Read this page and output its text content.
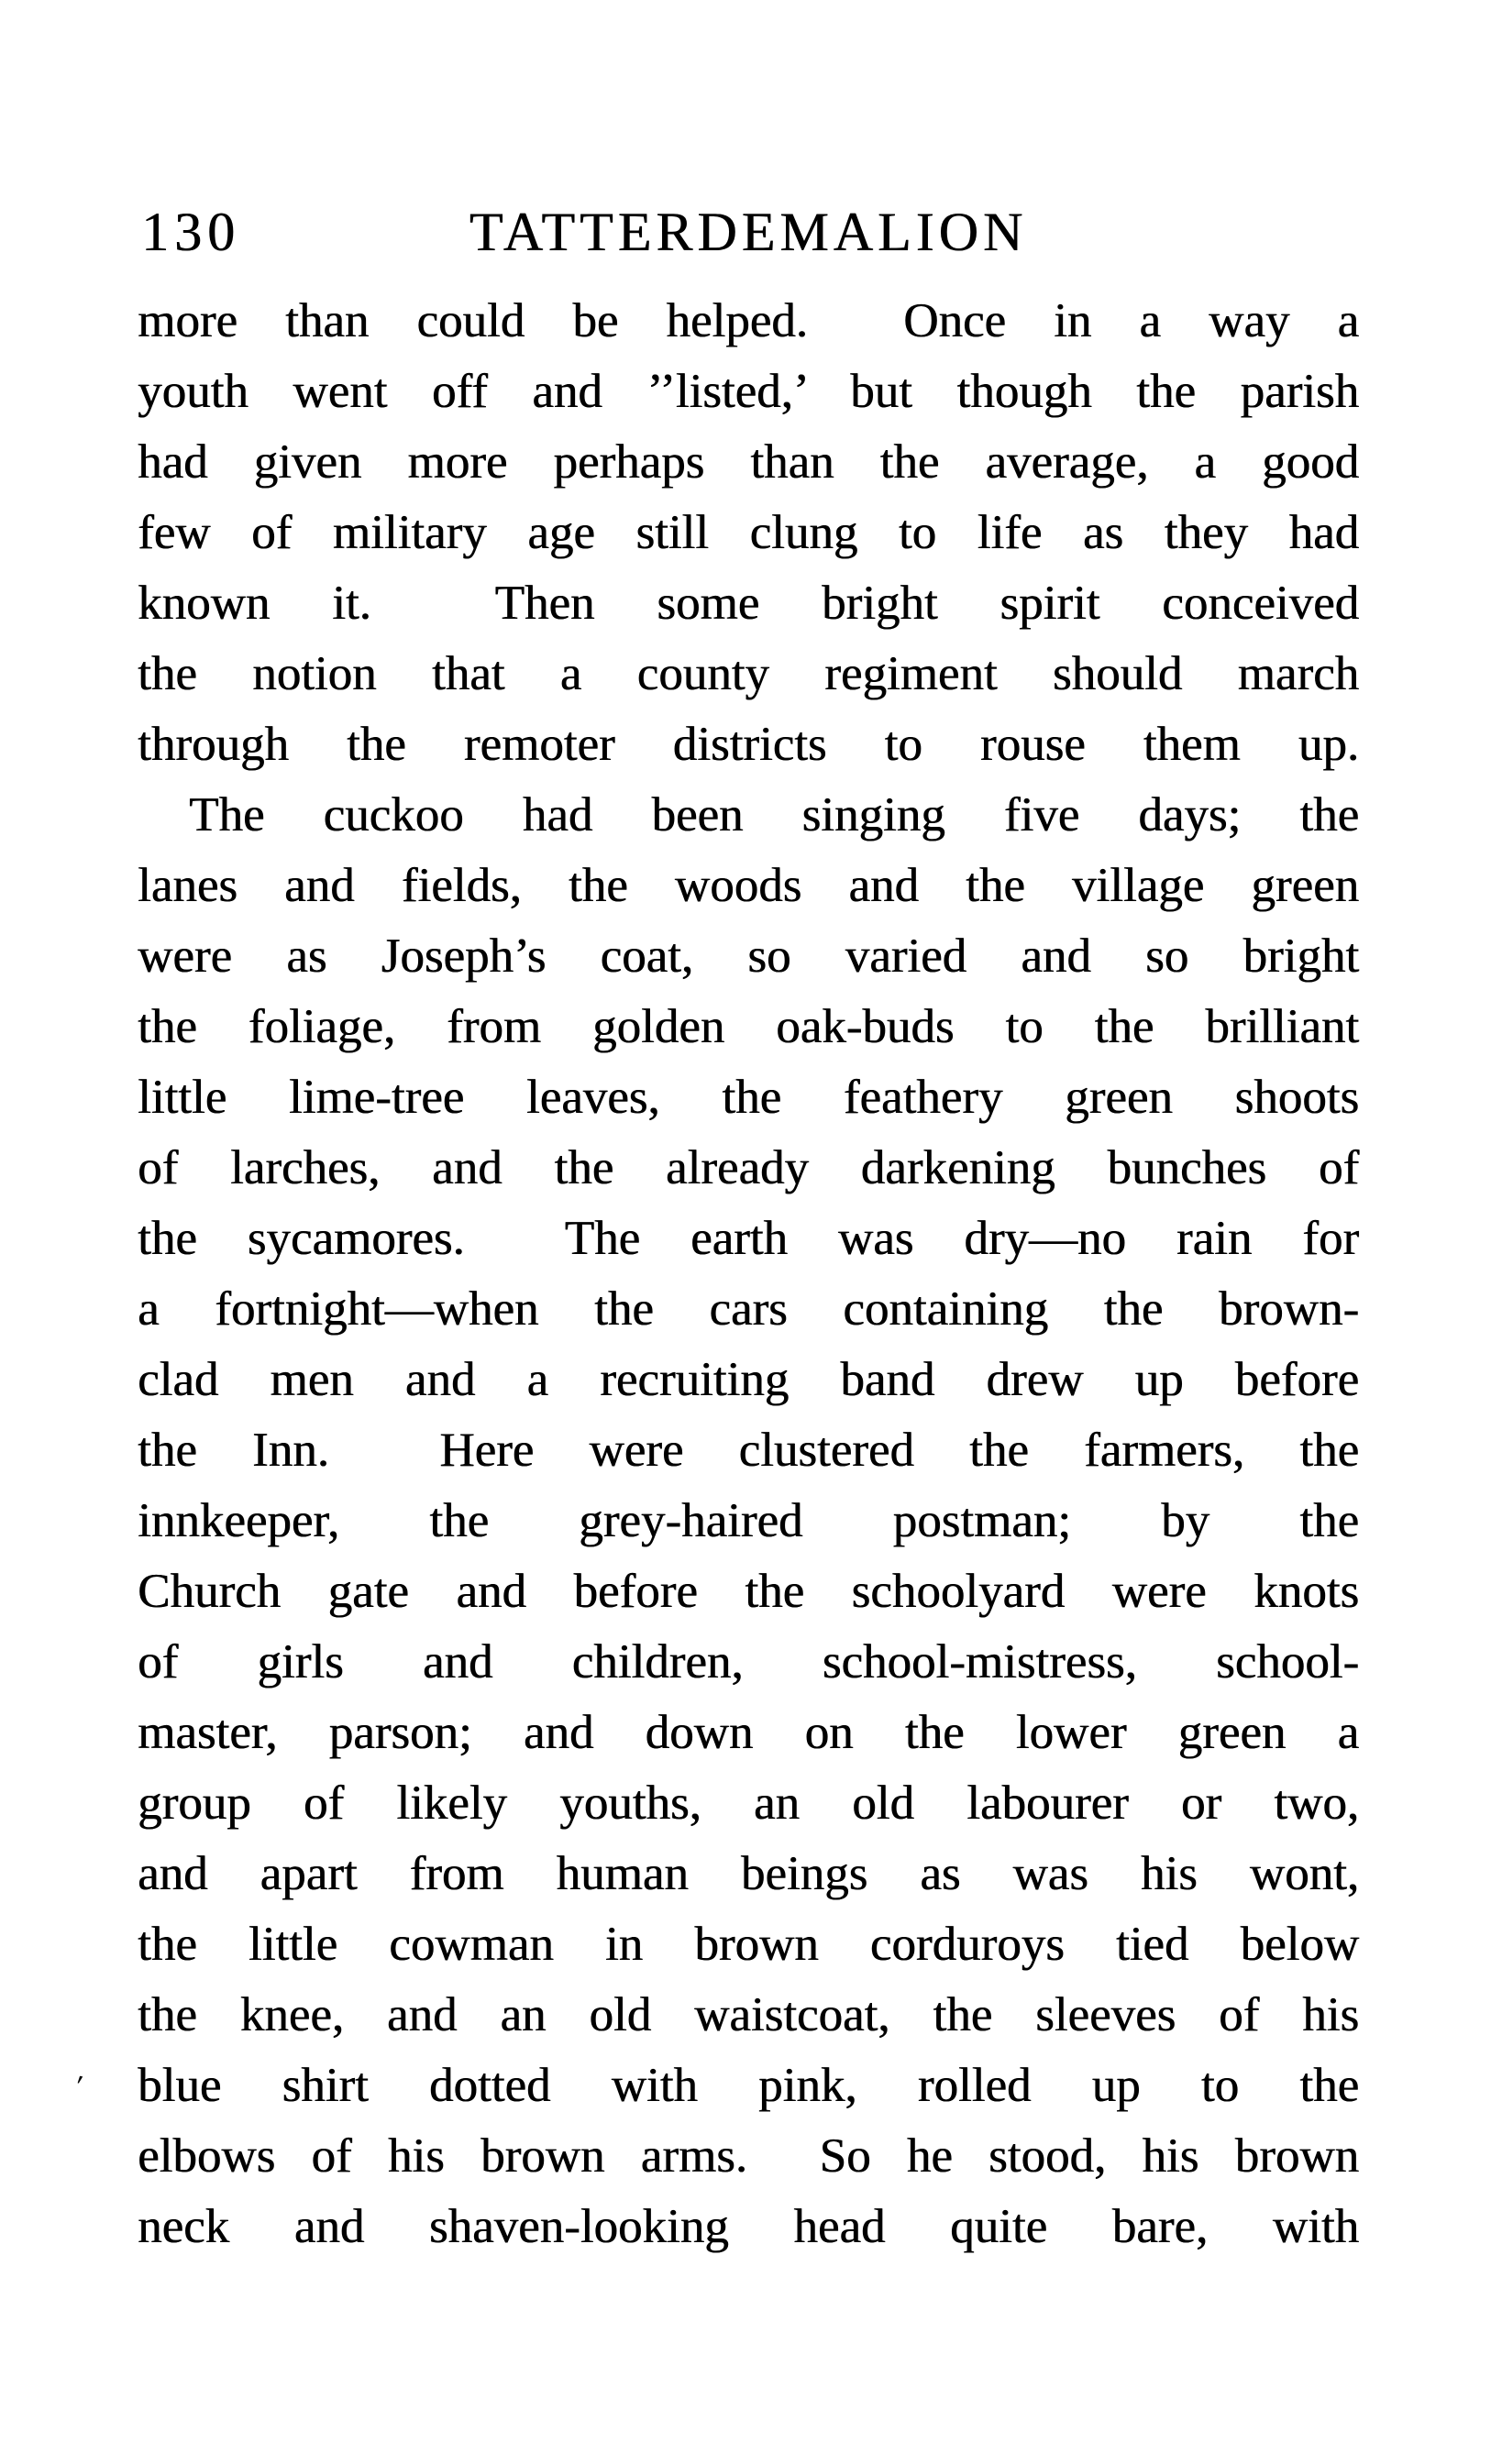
130	TATTERDEMALION
more than could be helped.  Once in a way a
youth went off and ’’listed,’ but though the parish
had given more perhaps than the average, a good
few of military age still clung to life as they had
known it.  Then some bright spirit conceived
the notion that a county regiment should march
through the remoter districts to rouse them up.
The cuckoo had been singing five days; the
lanes and fields, the woods and the village green
were as Joseph’s coat, so varied and so bright
the foliage, from golden oak-buds to the brilliant
little lime-tree leaves, the feathery green shoots
of larches, and the already darkening bunches of
the sycamores.  The earth was dry—no rain for
a fortnight—when the cars containing the brown-
clad men and a recruiting band drew up before
the Inn.  Here were clustered the farmers, the
innkeeper, the grey-haired postman; by the
Church gate and before the schoolyard were knots
of girls and children, school-mistress, school-
master, parson; and down on the lower green a
group of likely youths, an old labourer or two,
and apart from human beings as was his wont,
the little cowman in brown corduroys tied below
the knee, and an old waistcoat, the sleeves of his
blue shirt dotted with pink, rolled up to the
elbows of his brown arms.  So he stood, his brown
neck and shaven-looking head quite bare, with
′
